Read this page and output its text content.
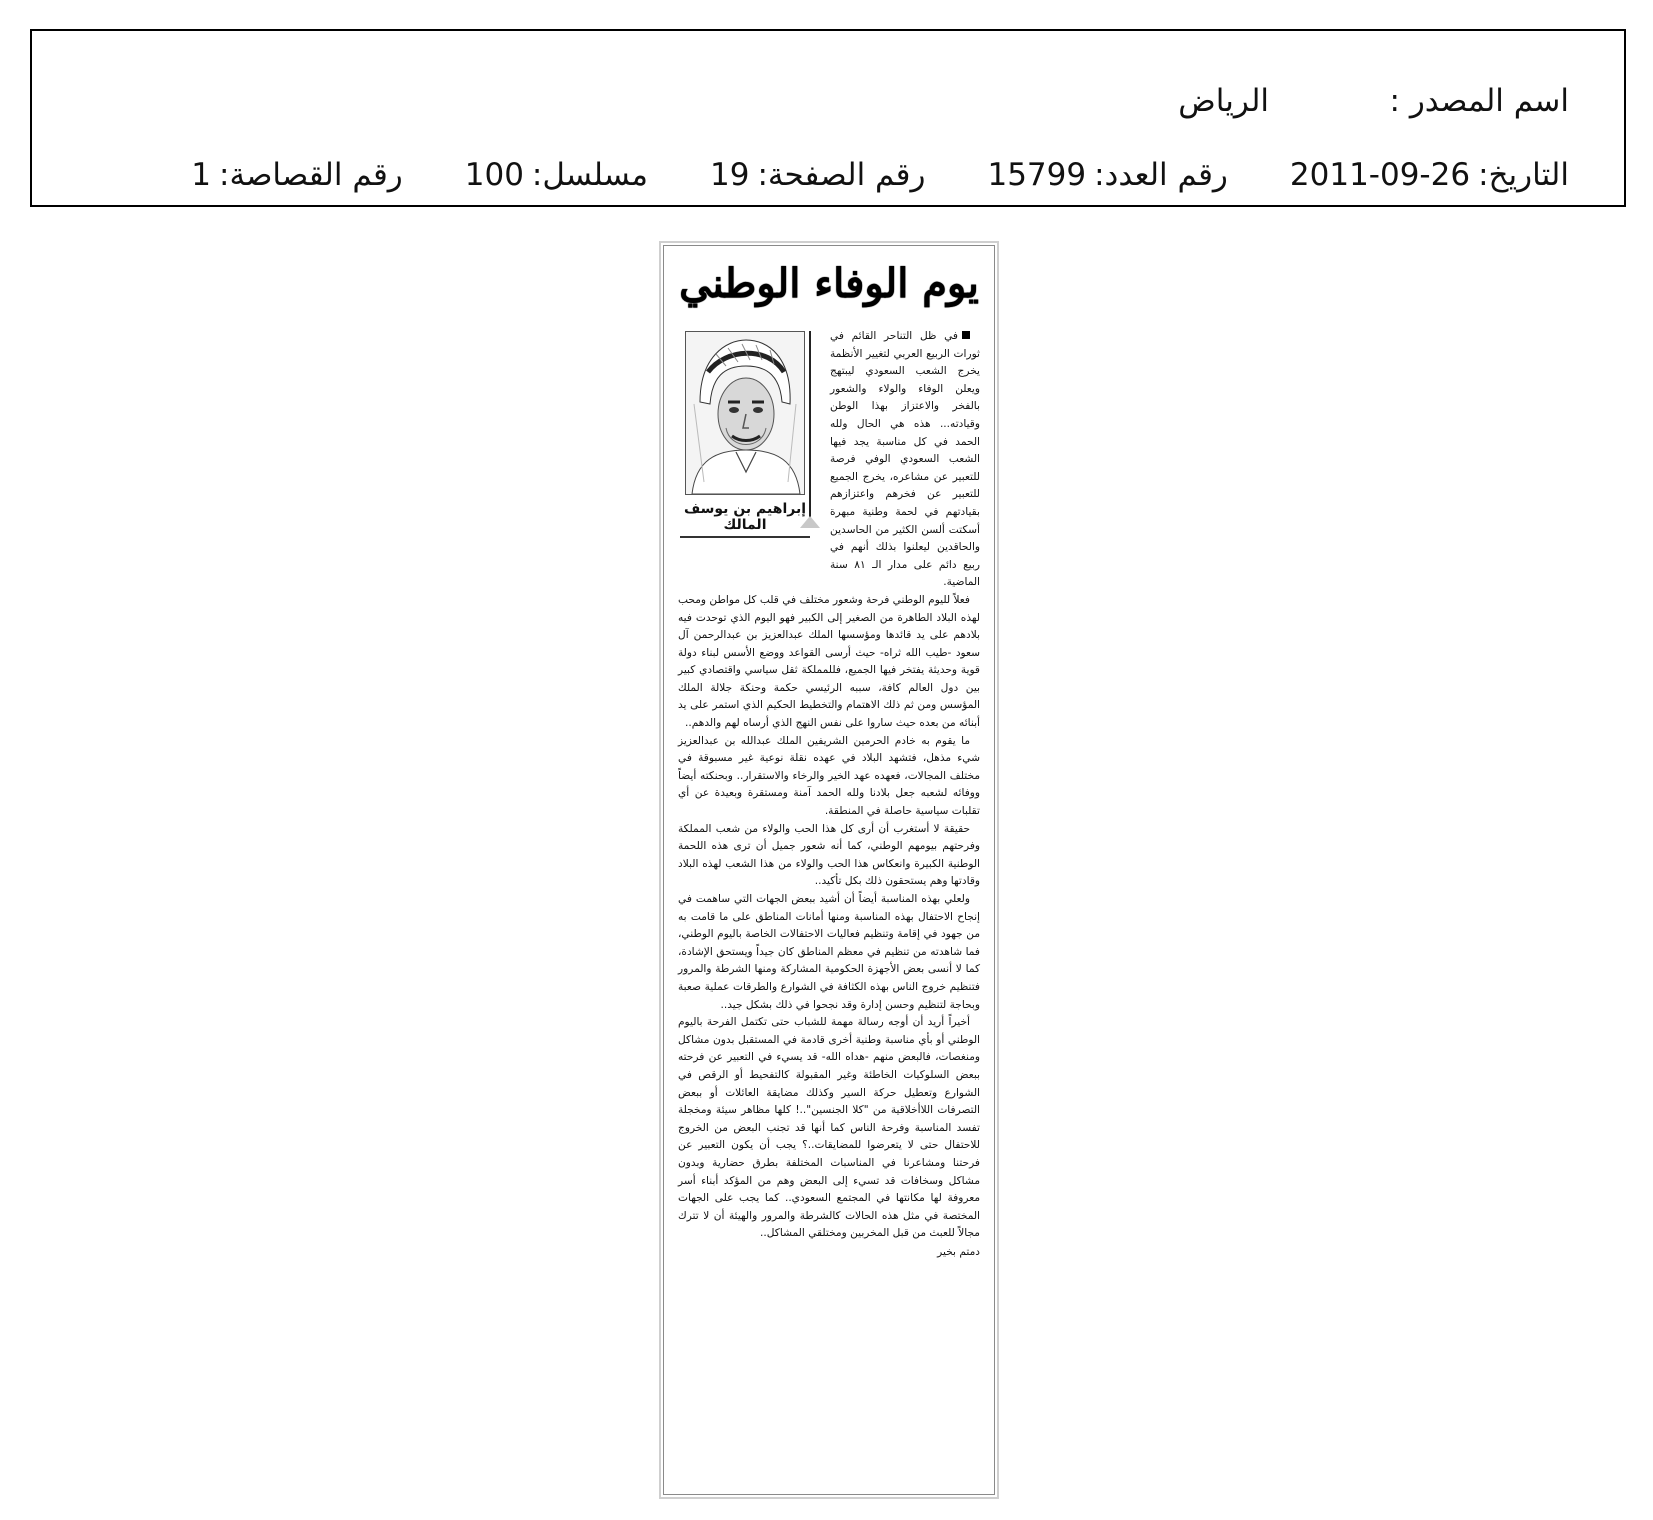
اسم المصدر :
الرياض
التاريخ:
2011-09-26
رقم العدد:
15799
رقم الصفحة:
19
مسلسل:
100
رقم القصاصة:
1
يوم الوفاء الوطني
إبراهيم بن يوسف المالك

في ظل التناحر القائم في ثورات الربيع العربي لتغيير الأنظمة يخرج الشعب السعودي ليبتهج ويعلن الوفاء والولاء والشعور بالفخر والاعتزاز بهذا الوطن وقيادته... هذه هي الحال ولله الحمد في كل مناسبة يجد فيها الشعب السعودي الوفي فرصة للتعبير عن مشاعره، يخرج الجميع للتعبير عن فخرهم واعتزازهم بقيادتهم في لحمة وطنية مبهرة أسكتت ألسن الكثير من الحاسدين والحاقدين ليعلنوا بذلك أنهم في ربيع دائم على مدار الـ ٨١ سنة الماضية.

فعلاً لليوم الوطني فرحة وشعور مختلف في قلب كل مواطن ومحب لهذه البلاد الطاهرة من الصغير إلى الكبير فهو اليوم الذي توحدت فيه بلادهم على يد قائدها ومؤسسها الملك عبدالعزيز بن عبدالرحمن آل سعود -طيب الله ثراه- حيث أرسى القواعد ووضع الأسس لبناء دولة قوية وحديثة يفتخر فيها الجميع، فللمملكة ثقل سياسي واقتصادي كبير بين دول العالم كافة، سببه الرئيسي حكمة وحنكة جلالة الملك المؤسس ومن ثم ذلك الاهتمام والتخطيط الحكيم الذي استمر على يد أبنائه من بعده حيث ساروا على نفس النهج الذي أرساه لهم والدهم..

ما يقوم به خادم الحرمين الشريفين الملك عبدالله بن عبدالعزيز شيء مذهل، فتشهد البلاد في عهده نقلة نوعية غير مسبوقة في مختلف المجالات، فعهده عهد الخير والرخاء والاستقرار.. وبحنكته أيضاً ووفائه لشعبه جعل بلادنا ولله الحمد آمنة ومستقرة وبعيدة عن أي تقلبات سياسية حاصلة في المنطقة.

حقيقة لا أستغرب أن أرى كل هذا الحب والولاء من شعب المملكة وفرحتهم بيومهم الوطني، كما أنه شعور جميل أن ترى هذه اللحمة الوطنية الكبيرة وانعكاس هذا الحب والولاء من هذا الشعب لهذه البلاد وقادتها وهم يستحقون ذلك بكل تأكيد..

ولعلي بهذه المناسبة أيضاً أن أشيد ببعض الجهات التي ساهمت في إنجاح الاحتفال بهذه المناسبة ومنها أمانات المناطق على ما قامت به من جهود في إقامة وتنظيم فعاليات الاحتفالات الخاصة باليوم الوطني، فما شاهدته من تنظيم في معظم المناطق كان جيداً ويستحق الإشادة، كما لا أنسى بعض الأجهزة الحكومية المشاركة ومنها الشرطة والمرور فتنظيم خروج الناس بهذه الكثافة في الشوارع والطرقات عملية صعبة وبحاجة لتنظيم وحسن إدارة وقد نجحوا في ذلك بشكل جيد..

أخيراً أريد أن أوجه رسالة مهمة للشباب حتى تكتمل الفرحة باليوم الوطني أو بأي مناسبة وطنية أخرى قادمة في المستقبل بدون مشاكل ومنغصات، فالبعض منهم -هداه الله- قد يسيء في التعبير عن فرحته ببعض السلوكيات الخاطئة وغير المقبولة كالتفحيط أو الرقص في الشوارع وتعطيل حركة السير وكذلك مضايقة العائلات أو ببعض التصرفات اللاأخلاقية من "كلا الجنسين"..! كلها مظاهر سيئة ومخجلة تفسد المناسبة وفرحة الناس كما أنها قد تجنب البعض من الخروج للاحتفال حتى لا يتعرضوا للمضايقات..؟ يجب أن يكون التعبير عن فرحتنا ومشاعرنا في المناسبات المختلفة بطرق حضارية وبدون مشاكل وسخافات قد تسيء إلى البعض وهم من المؤكد أبناء أسر معروفة لها مكانتها في المجتمع السعودي.. كما يجب على الجهات المختصة في مثل هذه الحالات كالشرطة والمرور والهيئة أن لا تترك مجالاً للعبث من قبل المخربين ومختلقي المشاكل..

دمتم بخير
